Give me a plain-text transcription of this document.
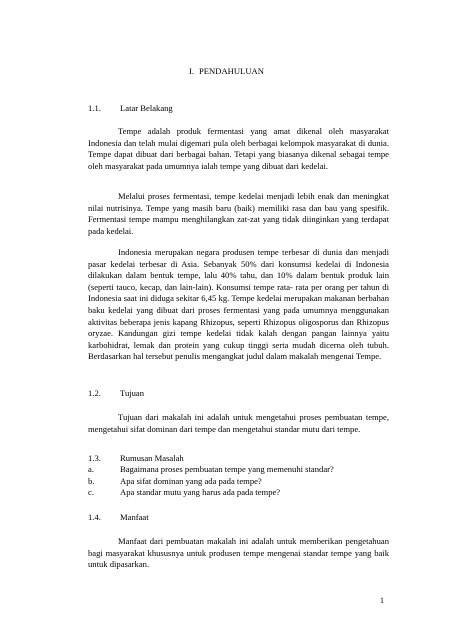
I. PENDAHULUAN
1.1. Latar Belakang

Tempe adalah produk fermentasi yang amat dikenal oleh masyarakat Indonesia dan telah mulai digemari pula oleh berbagai kelompok masyarakat di dunia. Tempe dapat dibuat dari berbagai bahan. Tetapi yang biasanya dikenal sebagai tempe oleh masyarakat pada umumnya ialah tempe yang dibuat dari kedelai.

Melalui proses fermentasi, tempe kedelai menjadi lebih enak dan meningkat nilai nutrisinya. Tempe yang masih baru (baik) memiliki rasa dan bau yang spesifik. Fermentasi tempe mampu menghilangkan zat-zat yang tidak diinginkan yang terdapat pada kedelai.

Indonesia merupakan negara produsen tempe terbesar di dunia dan menjadi pasar kedelai terbesar di Asia. Sebanyak 50% dari konsumsi kedelai di Indonesia dilakukan dalam bentuk tempe, lalu 40% tahu, dan 10% dalam bentuk produk lain (seperti tauco, kecap, dan lain-lain). Konsumsi tempe rata- rata per orang per tahun di Indonesia saat ini diduga sekitar 6,45 kg. Tempe kedelai merupakan makanan berbahan baku kedelai yang dibuat dari proses fermentasi yang pada umumnya menggunakan aktivitas beberapa jenis kapang Rhizopus, seperti Rhizopus oligosporus dan Rhizopus oryzae. Kandungan gizi tempe kedelai tidak kalah dengan pangan lainnya yaitu karbohidrat, lemak dan protein yang cukup tinggi serta mudah dicerna oleh tubuh. Berdasarkan hal tersebut penulis mengangkat judul dalam makalah mengenai Tempe.

1.2. Tujuan

Tujuan dari makalah ini adalah untuk mengetahui proses pembuatan tempe, mengetahui sifat dominan dari tempe dan mengetahui standar mutu dari tempe.

1.3. Rumusan Masalah
a.	Bagaimana proses pembuatan tempe yang memenuhi standar?
b.	Apa sifat dominan yang ada pada tempe?
c.	Apa standar mutu yang harus ada pada tempe?
1.4. Manfaat

Manfaat dari pembuatan makalah ini adalah untuk memberikan pengetahuan bagi masyarakat khususnya untuk produsen tempe mengenai standar tempe yang baik untuk dipasarkan.

1
